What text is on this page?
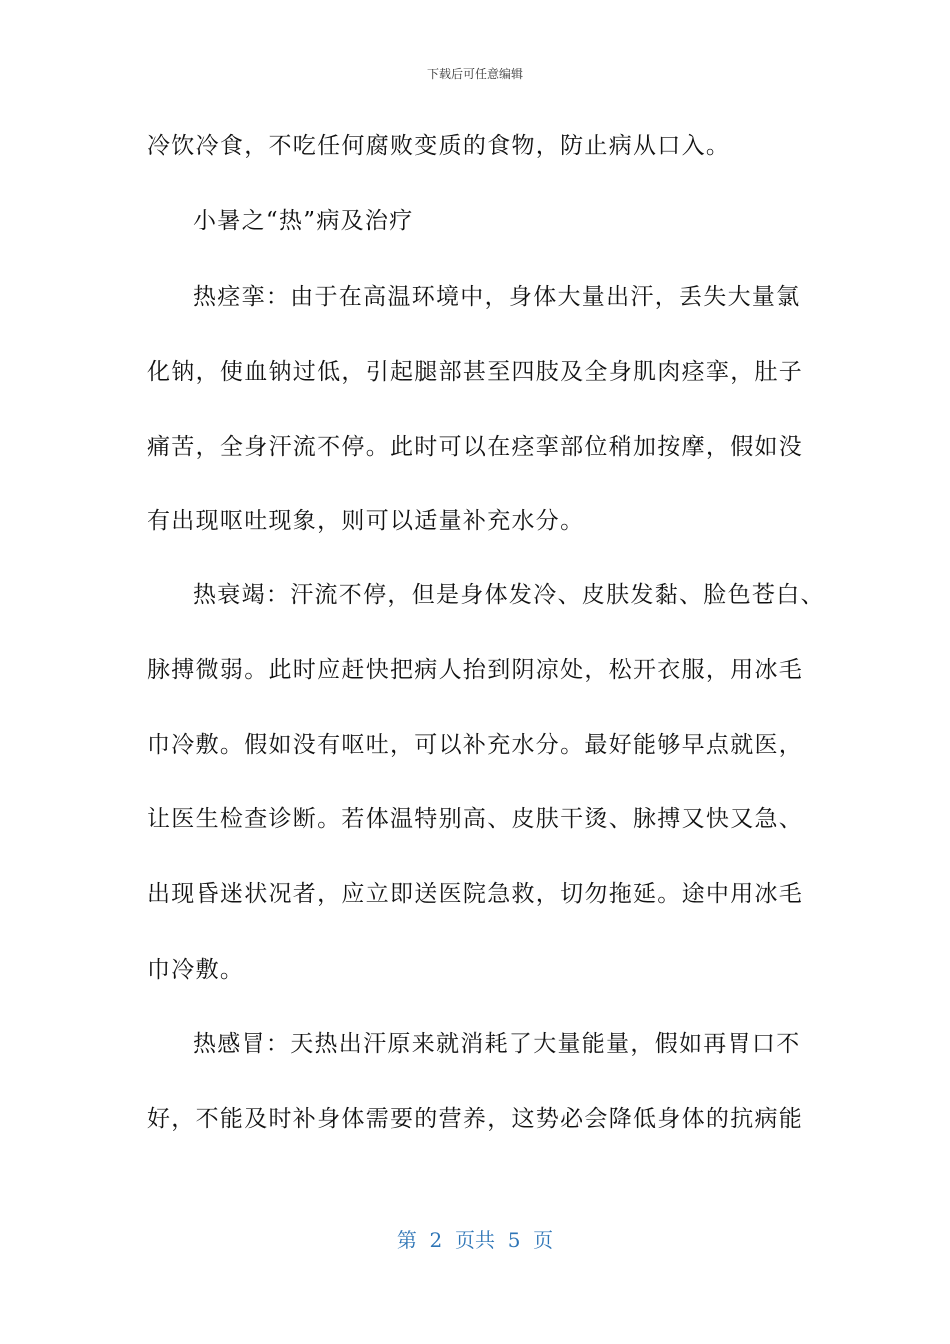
下载后可任意编辑
冷饮冷食，不吃任何腐败变质的食物，防止病从口入。
小暑之“热”病及治疗
热痉挛：由于在高温环境中，身体大量出汗，丢失大量氯
化钠，使血钠过低，引起腿部甚至四肢及全身肌肉痉挛，肚子
痛苦，全身汗流不停。此时可以在痉挛部位稍加按摩，假如没
有出现呕吐现象，则可以适量补充水分。
热衰竭：汗流不停，但是身体发冷、皮肤发黏、脸色苍白、
脉搏微弱。此时应赶快把病人抬到阴凉处，松开衣服，用冰毛
巾冷敷。假如没有呕吐，可以补充水分。最好能够早点就医，
让医生检查诊断。若体温特别高、皮肤干烫、脉搏又快又急、
出现昏迷状况者，应立即送医院急救，切勿拖延。途中用冰毛
巾冷敷。
热感冒：天热出汗原来就消耗了大量能量，假如再胃口不
好，不能及时补身体需要的营养，这势必会降低身体的抗病能
第  2  页共  5  页
